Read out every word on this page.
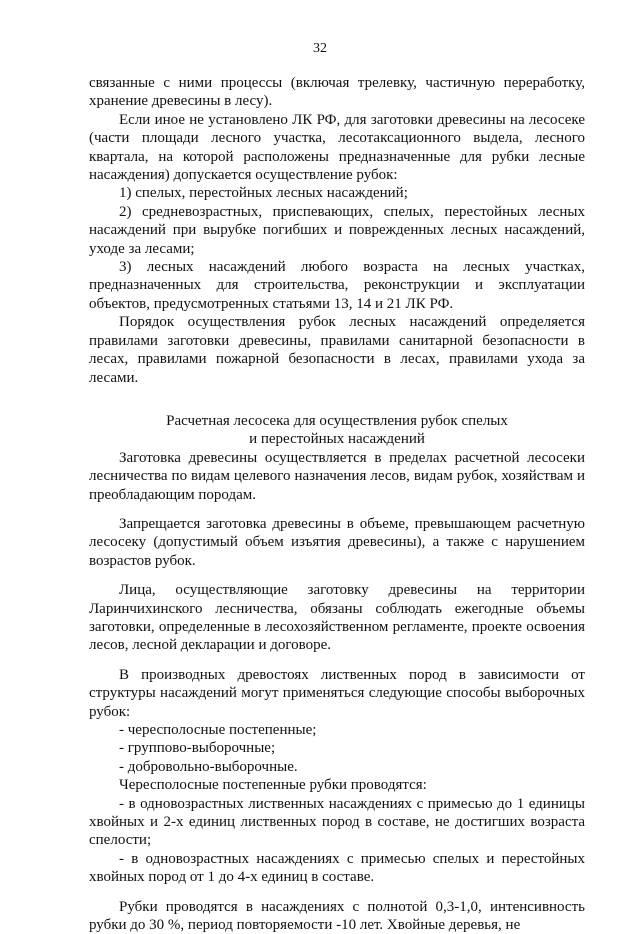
32

связанные с ними процессы (включая трелевку, частичную переработку, хранение древесины в лесу).

Если иное не установлено ЛК РФ, для заготовки древесины на лесосеке (части площади лесного участка, лесотаксационного выдела, лесного квартала, на которой расположены предназначенные для рубки лесные насаждения) допускается осуществление рубок:

1) спелых, перестойных лесных насаждений;

2) средневозрастных, приспевающих, спелых, перестойных лесных насаждений при вырубке погибших и поврежденных лесных насаждений, уходе за лесами;

3) лесных насаждений любого возраста на лесных участках, предназначенных для строительства, реконструкции и эксплуатации объектов, предусмотренных статьями 13, 14 и 21 ЛК РФ.

Порядок осуществления рубок лесных насаждений определяется правилами заготовки древесины, правилами санитарной безопасности в лесах, правилами пожарной безопасности в лесах, правилами ухода за лесами.

Расчетная лесосека для осуществления рубок спелых
и перестойных насаждений

Заготовка древесины осуществляется в пределах расчетной лесосеки лесничества по видам целевого назначения лесов, видам рубок, хозяйствам и преобладающим породам.

Запрещается заготовка древесины в объеме, превышающем расчетную лесосеку (допустимый объем изъятия древесины), а также с нарушением возрастов рубок.

Лица, осуществляющие заготовку древесины на территории Ларинчихинского лесничества, обязаны соблюдать ежегодные объемы заготовки, определенные в лесохозяйственном регламенте, проекте освоения лесов, лесной декларации и договоре.

В производных древостоях лиственных пород в зависимости от структуры насаждений могут применяться следующие способы выборочных рубок:

- чересполосные постепенные;

- группово-выборочные;

- добровольно-выборочные.

Чересполосные постепенные рубки проводятся:

- в одновозрастных лиственных насаждениях с примесью до 1 единицы хвойных и 2-х единиц лиственных пород в составе, не достигших возраста спелости;

- в одновозрастных насаждениях с примесью спелых и перестойных хвойных пород от 1 до 4-х единиц в составе.

Рубки проводятся в насаждениях с полнотой 0,3-1,0, интенсивность рубки до 30 %, период повторяемости -10 лет. Хвойные деревья, не
